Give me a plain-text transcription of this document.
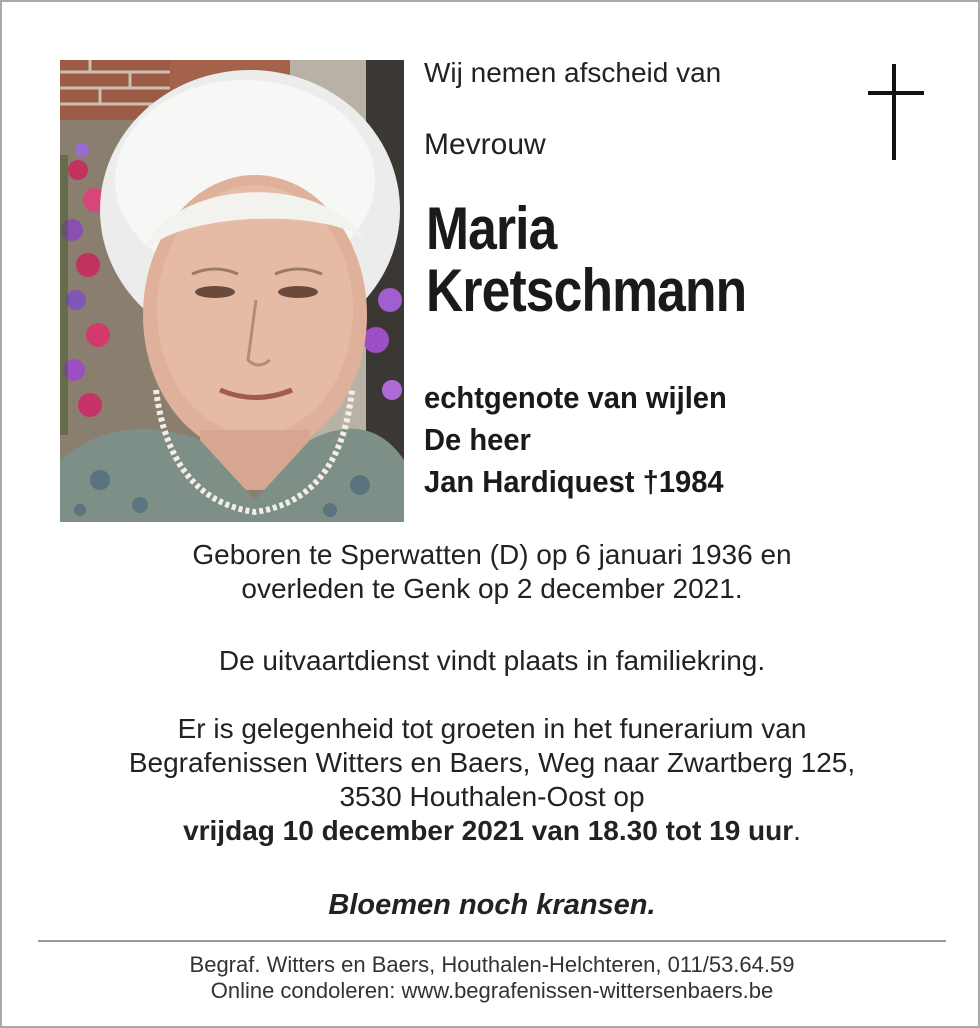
Wij nemen afscheid van
Mevrouw
Maria
Kretschmann
echtgenote van wijlen
De heer
Jan Hardiquest †1984
Geboren te Sperwatten (D) op 6 januari 1936 en
overleden te Genk op 2 december 2021.
De uitvaartdienst vindt plaats in familiekring.
Er is gelegenheid tot groeten in het funerarium van
Begrafenissen Witters en Baers, Weg naar Zwartberg 125,
3530 Houthalen-Oost op
vrijdag 10 december 2021 van 18.30 tot 19 uur.
Bloemen noch kransen.
Begraf. Witters en Baers, Houthalen-Helchteren, 011/53.64.59
Online condoleren: www.begrafenissen-wittersenbaers.be
